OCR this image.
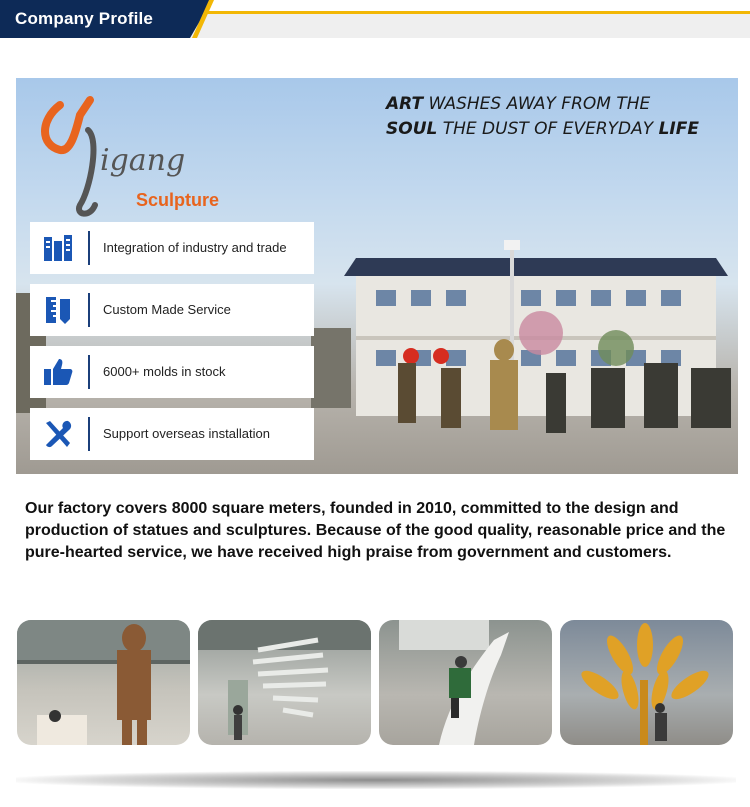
Company Profile
igang
Sculpture
ART WASHES AWAY FROM THE
SOUL THE DUST OF EVERYDAY LIFE
Integration of industry and trade
Custom Made Service
6000+ molds in stock
Support overseas installation
Our factory covers 8000 square meters, founded in 2010, committed to the design and production of statues and sculptures. Because of the good quality, reasonable price and the pure-hearted service, we have received high praise from government and customers.
